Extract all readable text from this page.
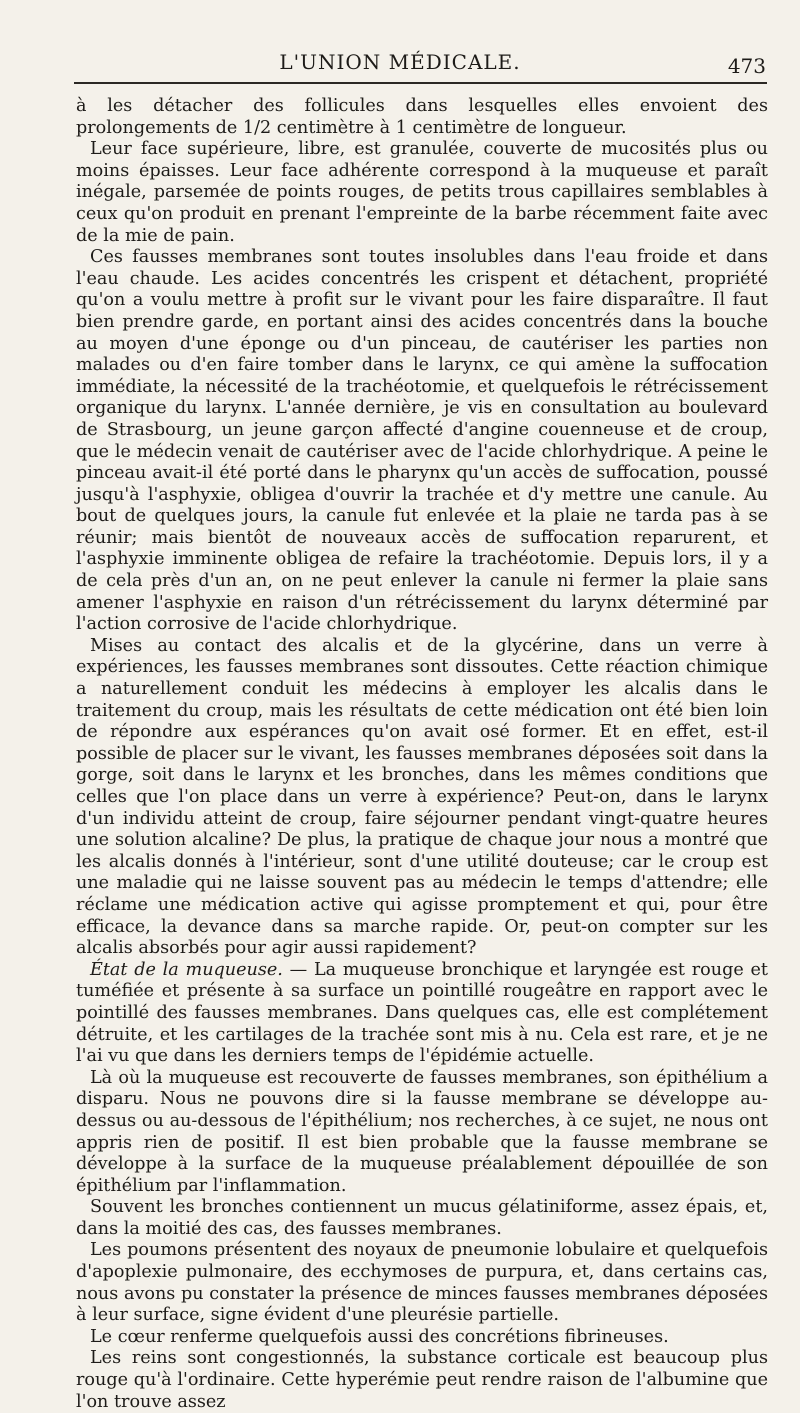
L'UNION MÉDICALE.	473

à les détacher des follicules dans lesquelles elles envoient des prolongements de 1/2 centimètre à 1 centimètre de longueur.

Leur face supérieure, libre, est granulée, couverte de mucosités plus ou moins épaisses. Leur face adhérente correspond à la muqueuse et paraît inégale, parsemée de points rouges, de petits trous capillaires semblables à ceux qu'on produit en prenant l'empreinte de la barbe récemment faite avec de la mie de pain.

Ces fausses membranes sont toutes insolubles dans l'eau froide et dans l'eau chaude. Les acides concentrés les crispent et détachent, propriété qu'on a voulu mettre à profit sur le vivant pour les faire disparaître. Il faut bien prendre garde, en portant ainsi des acides concentrés dans la bouche au moyen d'une éponge ou d'un pinceau, de cautériser les parties non malades ou d'en faire tomber dans le larynx, ce qui amène la suffocation immédiate, la nécessité de la trachéotomie, et quelquefois le rétrécissement organique du larynx. L'année dernière, je vis en consultation au boulevard de Strasbourg, un jeune garçon affecté d'angine couenneuse et de croup, que le médecin venait de cautériser avec de l'acide chlorhydrique. A peine le pinceau avait-il été porté dans le pharynx qu'un accès de suffocation, poussé jusqu'à l'asphyxie, obligea d'ouvrir la trachée et d'y mettre une canule. Au bout de quelques jours, la canule fut enlevée et la plaie ne tarda pas à se réunir; mais bientôt de nouveaux accès de suffocation reparurent, et l'asphyxie imminente obligea de refaire la trachéotomie. Depuis lors, il y a de cela près d'un an, on ne peut enlever la canule ni fermer la plaie sans amener l'asphyxie en raison d'un rétrécissement du larynx déterminé par l'action corrosive de l'acide chlorhydrique.

Mises au contact des alcalis et de la glycérine, dans un verre à expériences, les fausses membranes sont dissoutes. Cette réaction chimique a naturellement conduit les médecins à employer les alcalis dans le traitement du croup, mais les résultats de cette médication ont été bien loin de répondre aux espérances qu'on avait osé former. Et en effet, est-il possible de placer sur le vivant, les fausses membranes déposées soit dans la gorge, soit dans le larynx et les bronches, dans les mêmes conditions que celles que l'on place dans un verre à expérience? Peut-on, dans le larynx d'un individu atteint de croup, faire séjourner pendant vingt-quatre heures une solution alcaline? De plus, la pratique de chaque jour nous a montré que les alcalis donnés à l'intérieur, sont d'une utilité douteuse; car le croup est une maladie qui ne laisse souvent pas au médecin le temps d'attendre; elle réclame une médication active qui agisse promptement et qui, pour être efficace, la devance dans sa marche rapide. Or, peut-on compter sur les alcalis absorbés pour agir aussi rapidement?

État de la muqueuse. — La muqueuse bronchique et laryngée est rouge et tuméfiée et présente à sa surface un pointillé rougeâtre en rapport avec le pointillé des fausses membranes. Dans quelques cas, elle est complétement détruite, et les cartilages de la trachée sont mis à nu. Cela est rare, et je ne l'ai vu que dans les derniers temps de l'épidémie actuelle.

Là où la muqueuse est recouverte de fausses membranes, son épithélium a disparu. Nous ne pouvons dire si la fausse membrane se développe au-dessus ou au-dessous de l'épithélium; nos recherches, à ce sujet, ne nous ont appris rien de positif. Il est bien probable que la fausse membrane se développe à la surface de la muqueuse préalablement dépouillée de son épithélium par l'inflammation.

Souvent les bronches contiennent un mucus gélatiniforme, assez épais, et, dans la moitié des cas, des fausses membranes.

Les poumons présentent des noyaux de pneumonie lobulaire et quelquefois d'apoplexie pulmonaire, des ecchymoses de purpura, et, dans certains cas, nous avons pu constater la présence de minces fausses membranes déposées à leur surface, signe évident d'une pleurésie partielle.

Le cœur renferme quelquefois aussi des concrétions fibrineuses.

Les reins sont congestionnés, la substance corticale est beaucoup plus rouge qu'à l'ordinaire. Cette hyperémie peut rendre raison de l'albumine que l'on trouve assez
